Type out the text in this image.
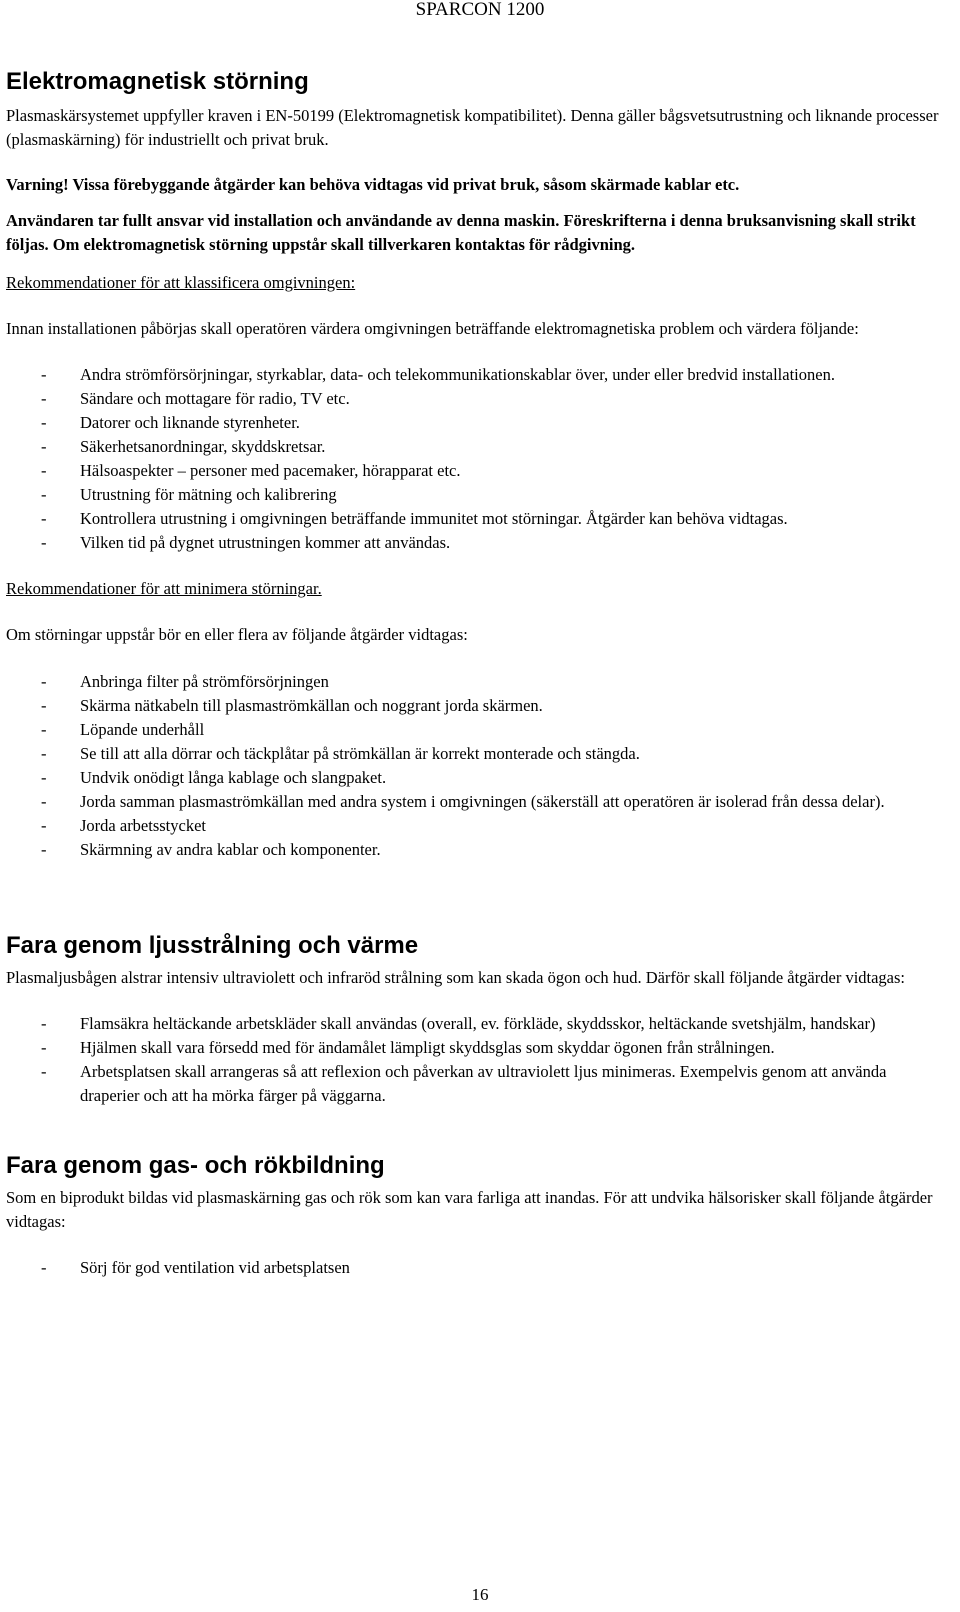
SPARCON 1200
Elektromagnetisk störning

Plasmaskärsystemet uppfyller kraven i EN-50199 (Elektromagnetisk kompatibilitet). Denna gäller bågsvetsutrustning och liknande processer (plasmaskärning) för industriellt och privat bruk.

Varning! Vissa förebyggande åtgärder kan behöva vidtagas vid privat bruk, såsom skärmade kablar etc.

Användaren tar fullt ansvar vid installation och användande av denna maskin. Föreskrifterna i denna bruksanvisning skall strikt följas. Om elektromagnetisk störning uppstår skall tillverkaren kontaktas för rådgivning.

Rekommendationer för att klassificera omgivningen:

Innan installationen påbörjas skall operatören värdera omgivningen beträffande elektromagnetiska problem och värdera följande:

- Andra strömförsörjningar, styrkablar, data- och telekommunikationskablar över, under eller bredvid installationen.
- Sändare och mottagare för radio, TV etc.
- Datorer och liknande styrenheter.
- Säkerhetsanordningar, skyddskretsar.
- Hälsoaspekter – personer med pacemaker, hörapparat etc.
- Utrustning för mätning och kalibrering
- Kontrollera utrustning i omgivningen beträffande immunitet mot störningar. Åtgärder kan behöva vidtagas.
- Vilken tid på dygnet utrustningen kommer att användas.

Rekommendationer för att minimera störningar.

Om störningar uppstår bör en eller flera av följande åtgärder vidtagas:

- Anbringa filter på strömförsörjningen
- Skärma nätkabeln till plasmaströmkällan och noggrant jorda skärmen.
- Löpande underhåll
- Se till att alla dörrar och täckplåtar på strömkällan är korrekt monterade och stängda.
- Undvik onödigt långa kablage och slangpaket.
- Jorda samman plasmaströmkällan med andra system i omgivningen (säkerställ att operatören är isolerad från dessa delar).
- Jorda arbetsstycket
- Skärmning av andra kablar och komponenter.
Fara genom ljusstrålning och värme

Plasmaljusbågen alstrar intensiv ultraviolett och infraröd strålning som kan skada ögon och hud. Därför skall följande åtgärder vidtagas:

- Flamsäkra heltäckande arbetskläder skall användas (overall, ev. förkläde, skyddsskor, heltäckande svetshjälm, handskar)
- Hjälmen skall vara försedd med för ändamålet lämpligt skyddsglas som skyddar ögonen från strålningen.
- Arbetsplatsen skall arrangeras så att reflexion och påverkan av ultraviolett ljus minimeras. Exempelvis genom att använda draperier och att ha mörka färger på väggarna.
Fara genom gas- och rökbildning

Som en biprodukt bildas vid plasmaskärning gas och rök som kan vara farliga att inandas. För att undvika hälsorisker skall följande åtgärder vidtagas:

- Sörj för god ventilation vid arbetsplatsen
16
